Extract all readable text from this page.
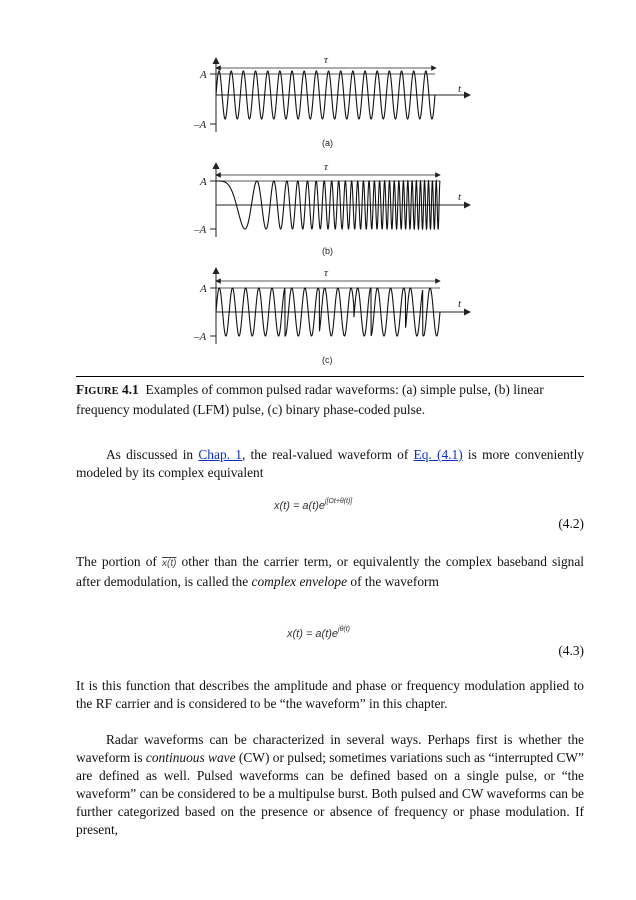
τ
t
A
–A
(a)
τ
t
A
–A
(b)
τ
t
A
–A
(c)
FIGURE 4.1 Examples of common pulsed radar waveforms: (a) simple pulse, (b) linear frequency modulated (LFM) pulse, (c) binary phase-coded pulse.

As discussed in Chap. 1, the real-valued waveform of Eq. (4.1) is more conveniently modeled by its complex equivalent

$x(t) = a(t)e^{j[\Omega t+\theta(t)]}$
(4.2)

The portion of x(t) other than the carrier term, or equivalently the complex baseband signal after demodulation, is called the complex envelope of the waveform

$x(t) = a(t)e^{j\theta(t)}$
(4.3)

It is this function that describes the amplitude and phase or frequency modulation applied to the RF carrier and is considered to be “the waveform” in this chapter.

Radar waveforms can be characterized in several ways. Perhaps first is whether the waveform is continuous wave (CW) or pulsed; sometimes variations such as “interrupted CW” are defined as well. Pulsed waveforms can be defined based on a single pulse, or “the waveform” can be considered to be a multipulse burst. Both pulsed and CW waveforms can be further categorized based on the presence or absence of frequency or phase modulation. If present,
